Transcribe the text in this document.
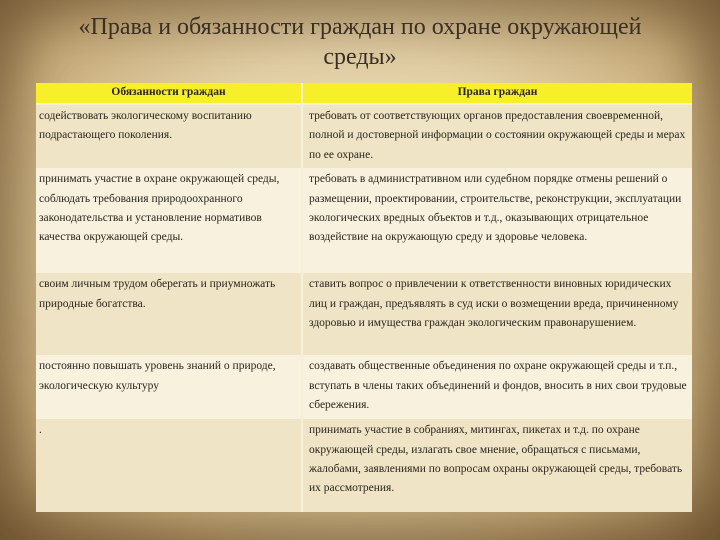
«Права и обязанности граждан по охране окружающей среды»
Обязанности граждан	Права граждан
содействовать экологическому воспитанию подрастающего поколения.	требовать от соответствующих органов предоставления своевременной, полной и достоверной информации о состоянии окружающей среды и мерах по ее охране.
принимать участие в охране окружающей среды, соблюдать требования природоохранного законодательства и установление нормативов качества окружающей среды.	требовать в административном или судебном порядке отмены решений о размещении, проектировании, строительстве, реконструкции, эксплуатации экологических вредных объектов и т.д., оказывающих отрицательное воздействие на окружающую среду и здоровье человека.
своим личным трудом оберегать и приумножать природные богатства.	ставить вопрос о привлечении к ответственности виновных юридических лиц и граждан, предъявлять в суд иски о возмещении вреда, причиненному здоровью и имущества граждан экологическим правонарушением.
постоянно повышать уровень знаний о природе, экологическую культуру	создавать общественные объединения по охране окружающей среды и т.п., вступать в члены таких объединений и фондов, вносить в них свои трудовые сбережения.
.	принимать участие в собраниях, митингах, пикетах и т.д. по охране окружающей среды, излагать свое мнение, обращаться с письмами, жалобами, заявлениями по вопросам охраны окружающей среды, требовать их рассмотрения.
